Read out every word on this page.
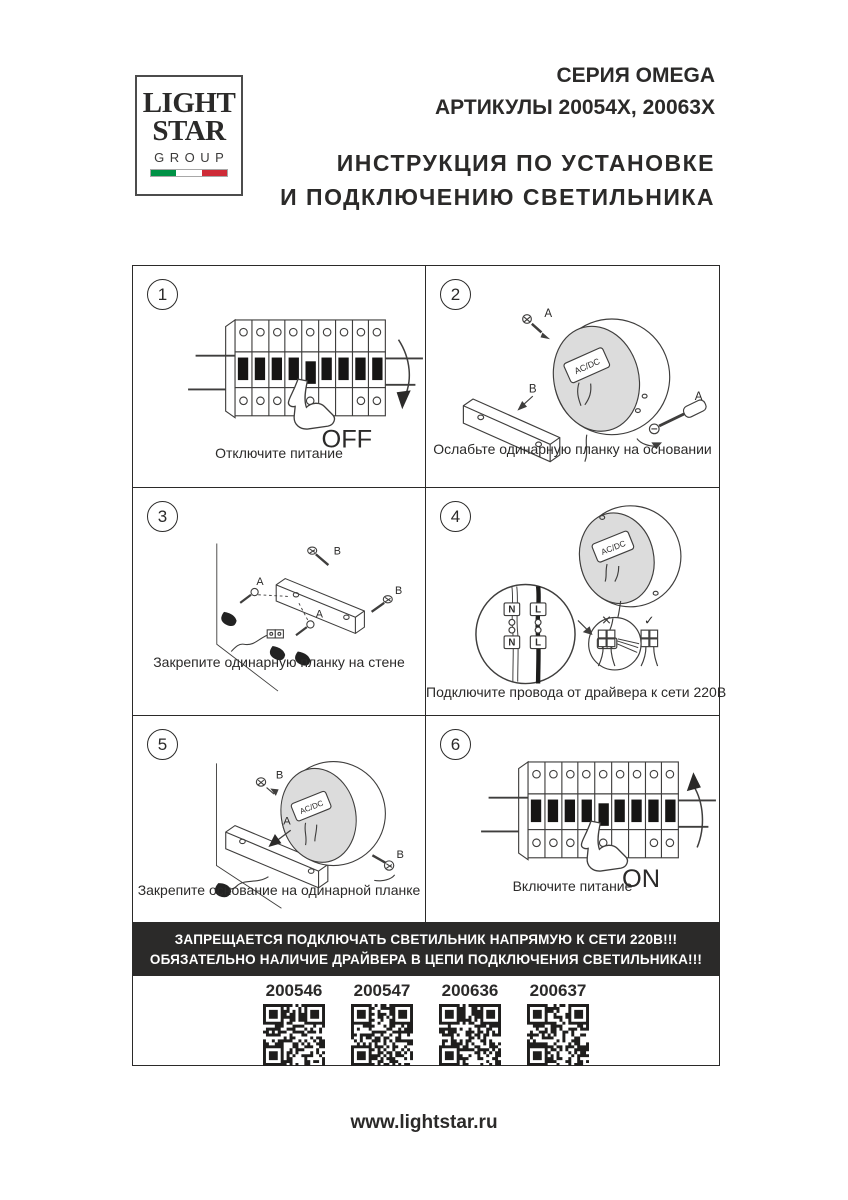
LIGHT
STAR
GROUP
СЕРИЯ OMEGA
АРТИКУЛЫ 20054Х, 20063Х
ИНСТРУКЦИЯ ПО УСТАНОВКЕ
И ПОДКЛЮЧЕНИЮ СВЕТИЛЬНИКА
1
OFF
Отключите питание
2
AC/DC
A
B
A
Ослабьте одинарную планку на основании
3
B
B
A
A
Закрепите одинарную планку на стене
4
AC/DC
N L
N L
✕ ✓
Подключите провода от драйвера к сети 220В
5
AC/DC
B
A
B
Закрепите основание на одинарной планке
6
ON
Включите питание
ЗАПРЕЩАЕТСЯ ПОДКЛЮЧАТЬ СВЕТИЛЬНИК НАПРЯМУЮ К СЕТИ 220В!!!
ОБЯЗАТЕЛЬНО НАЛИЧИЕ ДРАЙВЕРА В ЦЕПИ ПОДКЛЮЧЕНИЯ СВЕТИЛЬНИКА!!!
200546 200547 200636 200637
www.lightstar.ru
